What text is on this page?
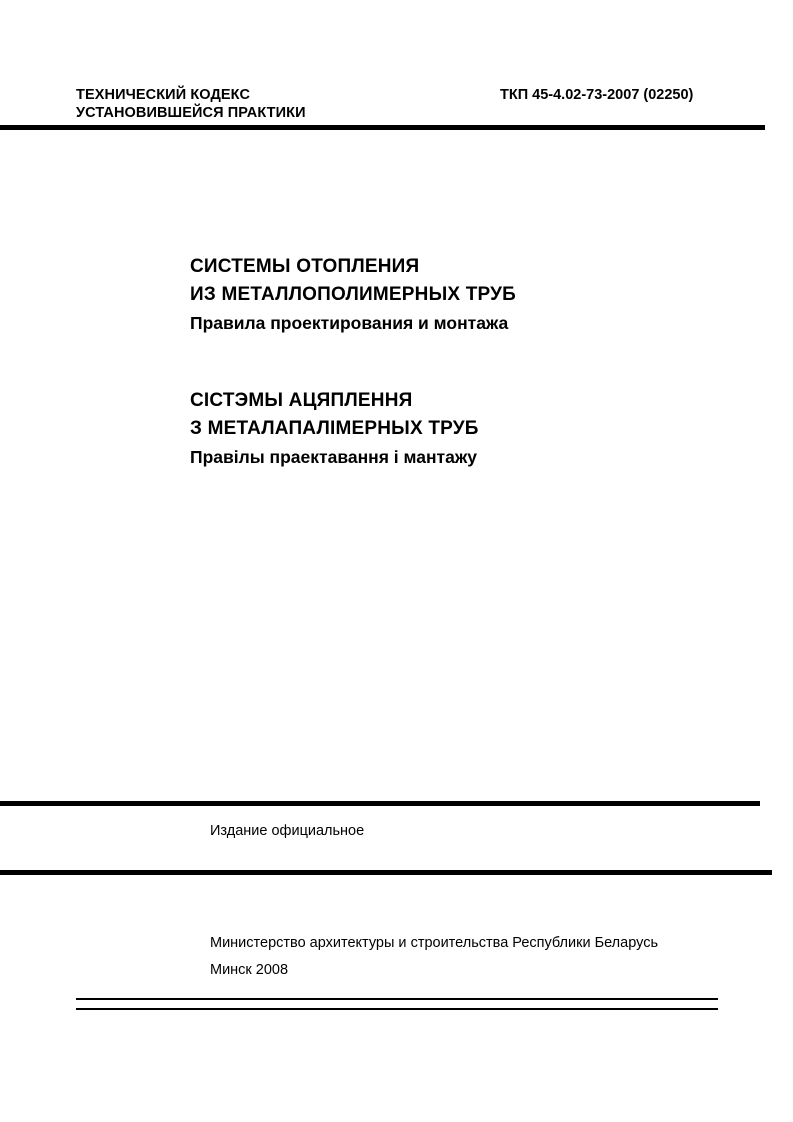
ТЕХНИЧЕСКИЙ КОДЕКС
УСТАНОВИВШЕЙСЯ ПРАКТИКИ
ТКП 45-4.02-73-2007 (02250)
СИСТЕМЫ ОТОПЛЕНИЯ
ИЗ МЕТАЛЛОПОЛИМЕРНЫХ ТРУБ
Правила проектирования и монтажа
СІСТЭМЫ АЦЯПЛЕННЯ
З МЕТАЛАПАЛІМЕРНЫХ ТРУБ
Правілы праектавання і мантажу
Издание официальное
Министерство архитектуры и строительства Республики Беларусь
Минск 2008
